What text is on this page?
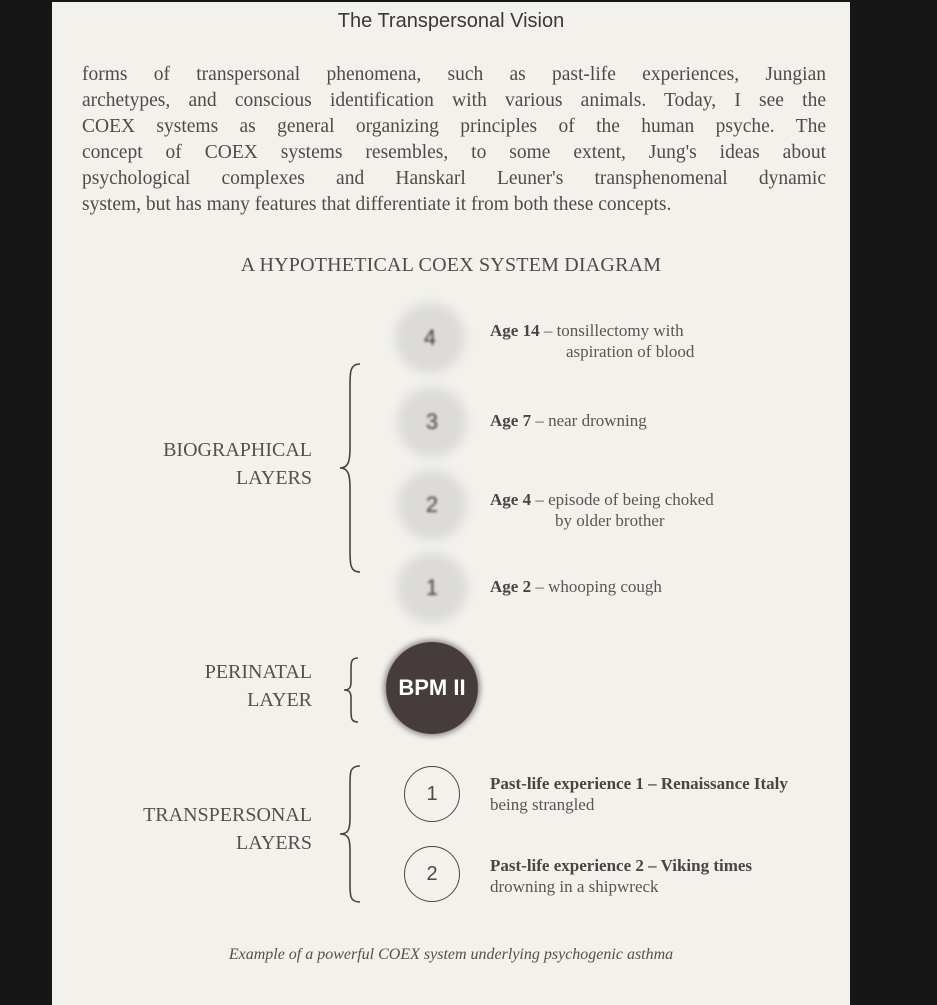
The Transpersonal Vision

forms of transpersonal phenomena, such as past-life experiences, Jungian
archetypes, and conscious identification with various animals. Today, I see the
COEX systems as general organizing principles of the human psyche. The
concept of COEX systems resembles, to some extent, Jung's ideas about
psychological complexes and Hanskarl Leuner's transphenomenal dynamic
system, but has many features that differentiate it from both these concepts.

A HYPOTHETICAL COEX SYSTEM DIAGRAM
BIOGRAPHICAL
LAYERS
PERINATAL
LAYER
TRANSPERSONAL
LAYERS
4
3
2
1
Age 14 – tonsillectomy with
aspiration of blood
Age 7 – near drowning
Age 4 – episode of being choked
by older brother
Age 2 – whooping cough
BPM II
1
2
Past-life experience 1 – Renaissance Italy
being strangled
Past-life experience 2 – Viking times
drowning in a shipwreck
Example of a powerful COEX system underlying psychogenic asthma
